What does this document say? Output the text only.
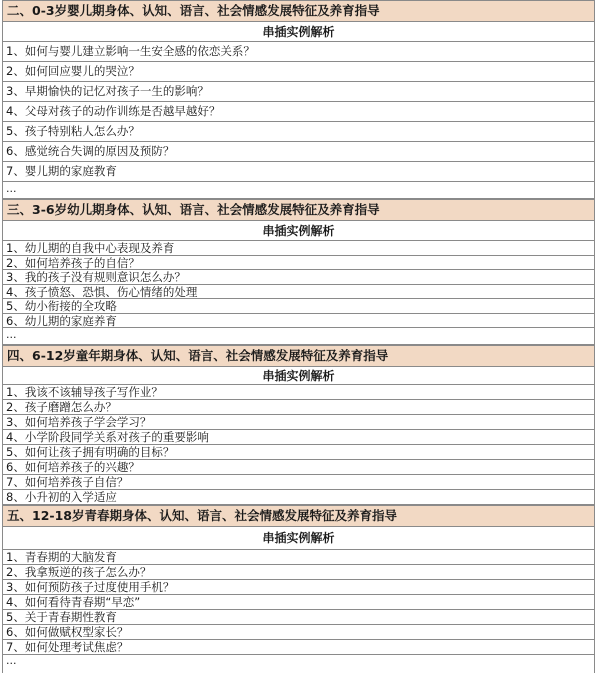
二、0-3岁婴儿期身体、认知、语言、社会情感发展特征及养育指导
串插实例解析
1、如何与婴儿建立影响一生安全感的依恋关系？
2、如何回应婴儿的哭泣？
3、早期愉快的记忆对孩子一生的影响？
4、父母对孩子的动作训练是否越早越好？
5、孩子特别粘人怎么办？
6、感觉统合失调的原因及预防？
7、婴儿期的家庭教育
...
三、3-6岁幼儿期身体、认知、语言、社会情感发展特征及养育指导
串插实例解析
1、幼儿期的自我中心表现及养育
2、如何培养孩子的自信？
3、我的孩子没有规则意识怎么办？
4、孩子愤怒、恐惧、伤心情绪的处理
5、幼小衔接的全攻略
6、幼儿期的家庭养育
...
四、6-12岁童年期身体、认知、语言、社会情感发展特征及养育指导
串插实例解析
1、我该不该辅导孩子写作业？
2、孩子磨蹭怎么办？
3、如何培养孩子学会学习？
4、小学阶段同学关系对孩子的重要影响
5、如何让孩子拥有明确的目标？
6、如何培养孩子的兴趣？
7、如何培养孩子自信？
8、小升初的入学适应
五、12-18岁青春期身体、认知、语言、社会情感发展特征及养育指导
串插实例解析
1、青春期的大脑发育
2、我拿叛逆的孩子怎么办？
3、如何预防孩子过度使用手机？
4、如何看待青春期“早恋”
5、关于青春期性教育
6、如何做赋权型家长？
7、如何处理考试焦虑？
...
